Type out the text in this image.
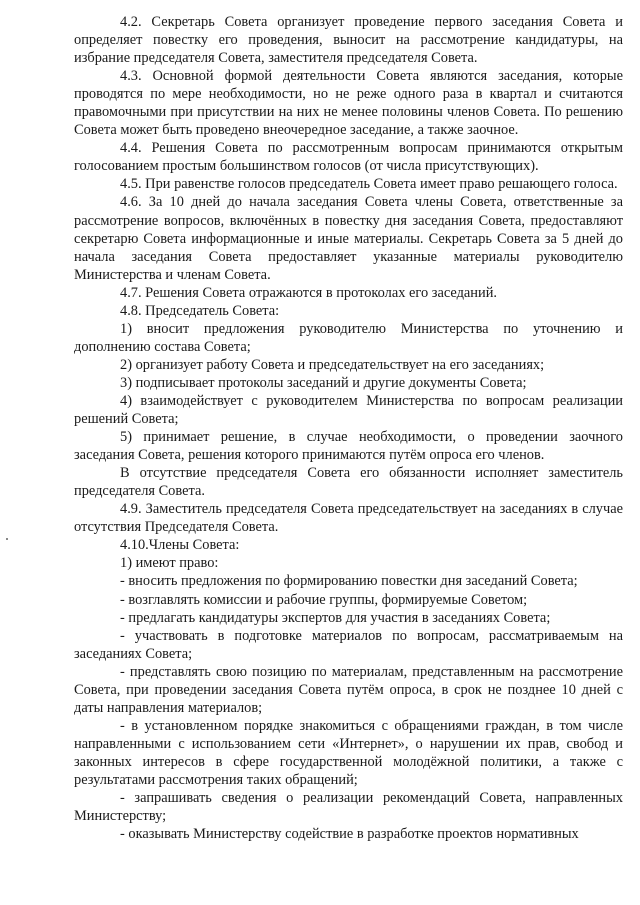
4.2. Секретарь Совета организует проведение первого заседания Совета и определяет повестку его проведения, выносит на рассмотрение кандидатуры, на избрание председателя Совета, заместителя председателя Совета.

4.3. Основной формой деятельности Совета являются заседания, которые проводятся по мере необходимости, но не реже одного раза в квартал и считаются правомочными при присутствии на них не менее половины членов Совета. По решению Совета может быть проведено внеочередное заседание, а также заочное.

4.4. Решения Совета по рассмотренным вопросам принимаются открытым голосованием простым большинством голосов (от числа присутствующих).

4.5. При равенстве голосов председатель Совета имеет право решающего голоса.

4.6. За 10 дней до начала заседания Совета члены Совета, ответственные за рассмотрение вопросов, включённых в повестку дня заседания Совета, предоставляют секретарю Совета информационные и иные материалы. Секретарь Совета за 5 дней до начала заседания Совета предоставляет указанные материалы руководителю Министерства и членам Совета.

4.7. Решения Совета отражаются в протоколах его заседаний.

4.8. Председатель Совета:

1) вносит предложения руководителю Министерства по уточнению и дополнению состава Совета;

2) организует работу Совета и председательствует на его заседаниях;

3) подписывает протоколы заседаний и другие документы Совета;

4) взаимодействует с руководителем Министерства по вопросам реализации решений Совета;

5) принимает решение, в случае необходимости, о проведении заочного заседания Совета, решения которого принимаются путём опроса его членов.

В отсутствие председателя Совета его обязанности исполняет заместитель председателя Совета.

4.9. Заместитель председателя Совета председательствует на заседаниях в случае отсутствия Председателя Совета.

4.10.Члены Совета:

1) имеют право:

- вносить предложения по формированию повестки дня заседаний Совета;

- возглавлять комиссии и рабочие группы, формируемые Советом;

- предлагать кандидатуры экспертов для участия в заседаниях Совета;

- участвовать в подготовке материалов по вопросам, рассматриваемым на заседаниях Совета;

- представлять свою позицию по материалам, представленным на рассмотрение Совета, при проведении заседания Совета путём опроса, в срок не позднее 10 дней с даты направления материалов;

- в установленном порядке знакомиться с обращениями граждан, в том числе направленными с использованием сети «Интернет», о нарушении их прав, свобод и законных интересов в сфере государственной молодёжной политики, а также с результатами рассмотрения таких обращений;

- запрашивать сведения о реализации рекомендаций Совета, направленных Министерству;

- оказывать Министерству содействие в разработке проектов нормативных
